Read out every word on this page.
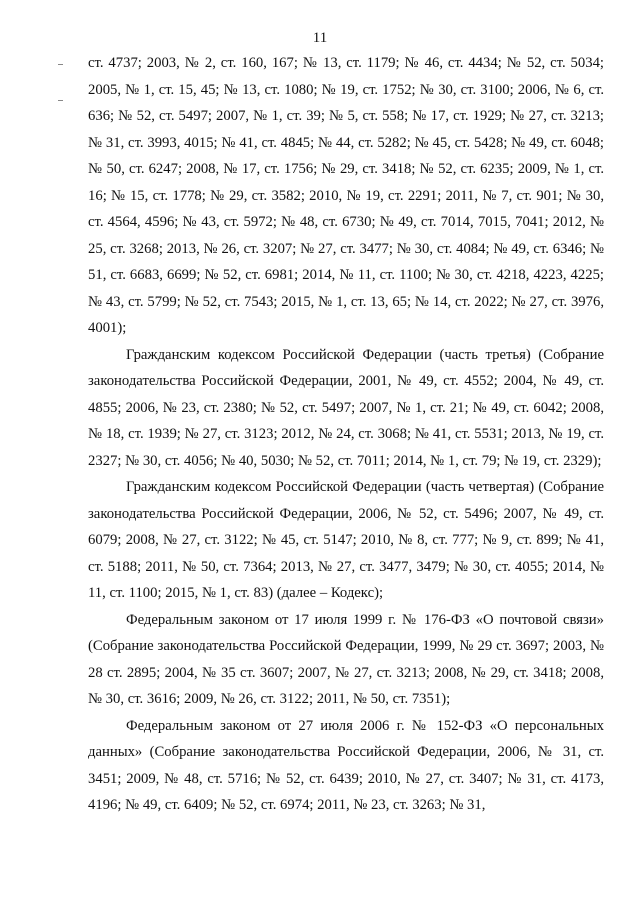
11

ст. 4737; 2003, № 2, ст. 160, 167; № 13, ст. 1179; № 46, ст. 4434; № 52, ст. 5034; 2005, № 1, ст. 15, 45; № 13, ст. 1080; № 19, ст. 1752; № 30, ст. 3100; 2006, № 6, ст. 636; № 52, ст. 5497; 2007, № 1, ст. 39; № 5, ст. 558; № 17, ст. 1929; № 27, ст. 3213; № 31, ст. 3993, 4015; № 41, ст. 4845; № 44, ст. 5282; № 45, ст. 5428; № 49, ст. 6048; № 50, ст. 6247; 2008, № 17, ст. 1756; № 29, ст. 3418; № 52, ст. 6235; 2009, № 1, ст. 16; № 15, ст. 1778; № 29, ст. 3582; 2010, № 19, ст. 2291; 2011, № 7, ст. 901; № 30, ст. 4564, 4596; № 43, ст. 5972; № 48, ст. 6730; № 49, ст. 7014, 7015, 7041; 2012, № 25, ст. 3268; 2013, № 26, ст. 3207; № 27, ст. 3477; № 30, ст. 4084; № 49, ст. 6346; № 51, ст. 6683, 6699; № 52, ст. 6981; 2014, № 11, ст. 1100; № 30, ст. 4218, 4223, 4225; № 43, ст. 5799; № 52, ст. 7543; 2015, № 1, ст. 13, 65; № 14, ст. 2022; № 27, ст. 3976, 4001);

Гражданским кодексом Российской Федерации (часть третья) (Собрание законодательства Российской Федерации, 2001, № 49, ст. 4552; 2004, № 49, ст. 4855; 2006, № 23, ст. 2380; № 52, ст. 5497; 2007, № 1, ст. 21; № 49, ст. 6042; 2008, № 18, ст. 1939; № 27, ст. 3123; 2012, № 24, ст. 3068; № 41, ст. 5531; 2013, № 19, ст. 2327; № 30, ст. 4056; № 40, 5030; № 52, ст. 7011; 2014, № 1, ст. 79; № 19, ст. 2329);

Гражданским кодексом Российской Федерации (часть четвертая) (Собрание законодательства Российской Федерации, 2006, № 52, ст. 5496; 2007, № 49, ст. 6079; 2008, № 27, ст. 3122; № 45, ст. 5147; 2010, № 8, ст. 777; № 9, ст. 899; № 41, ст. 5188; 2011, № 50, ст. 7364; 2013, № 27, ст. 3477, 3479; № 30, ст. 4055; 2014, № 11, ст. 1100; 2015, № 1, ст. 83) (далее – Кодекс);

Федеральным законом от 17 июля 1999 г. № 176-ФЗ «О почтовой связи» (Собрание законодательства Российской Федерации, 1999, № 29 ст. 3697; 2003, № 28 ст. 2895; 2004, № 35 ст. 3607; 2007, № 27, ст. 3213; 2008, № 29, ст. 3418; 2008, № 30, ст. 3616; 2009, № 26, ст. 3122; 2011, № 50, ст. 7351);

Федеральным законом от 27 июля 2006 г. № 152-ФЗ «О персональных данных» (Собрание законодательства Российской Федерации, 2006, № 31, ст. 3451; 2009, № 48, ст. 5716; № 52, ст. 6439; 2010, № 27, ст. 3407; № 31, ст. 4173, 4196; № 49, ст. 6409; № 52, ст. 6974; 2011, № 23, ст. 3263; № 31,
